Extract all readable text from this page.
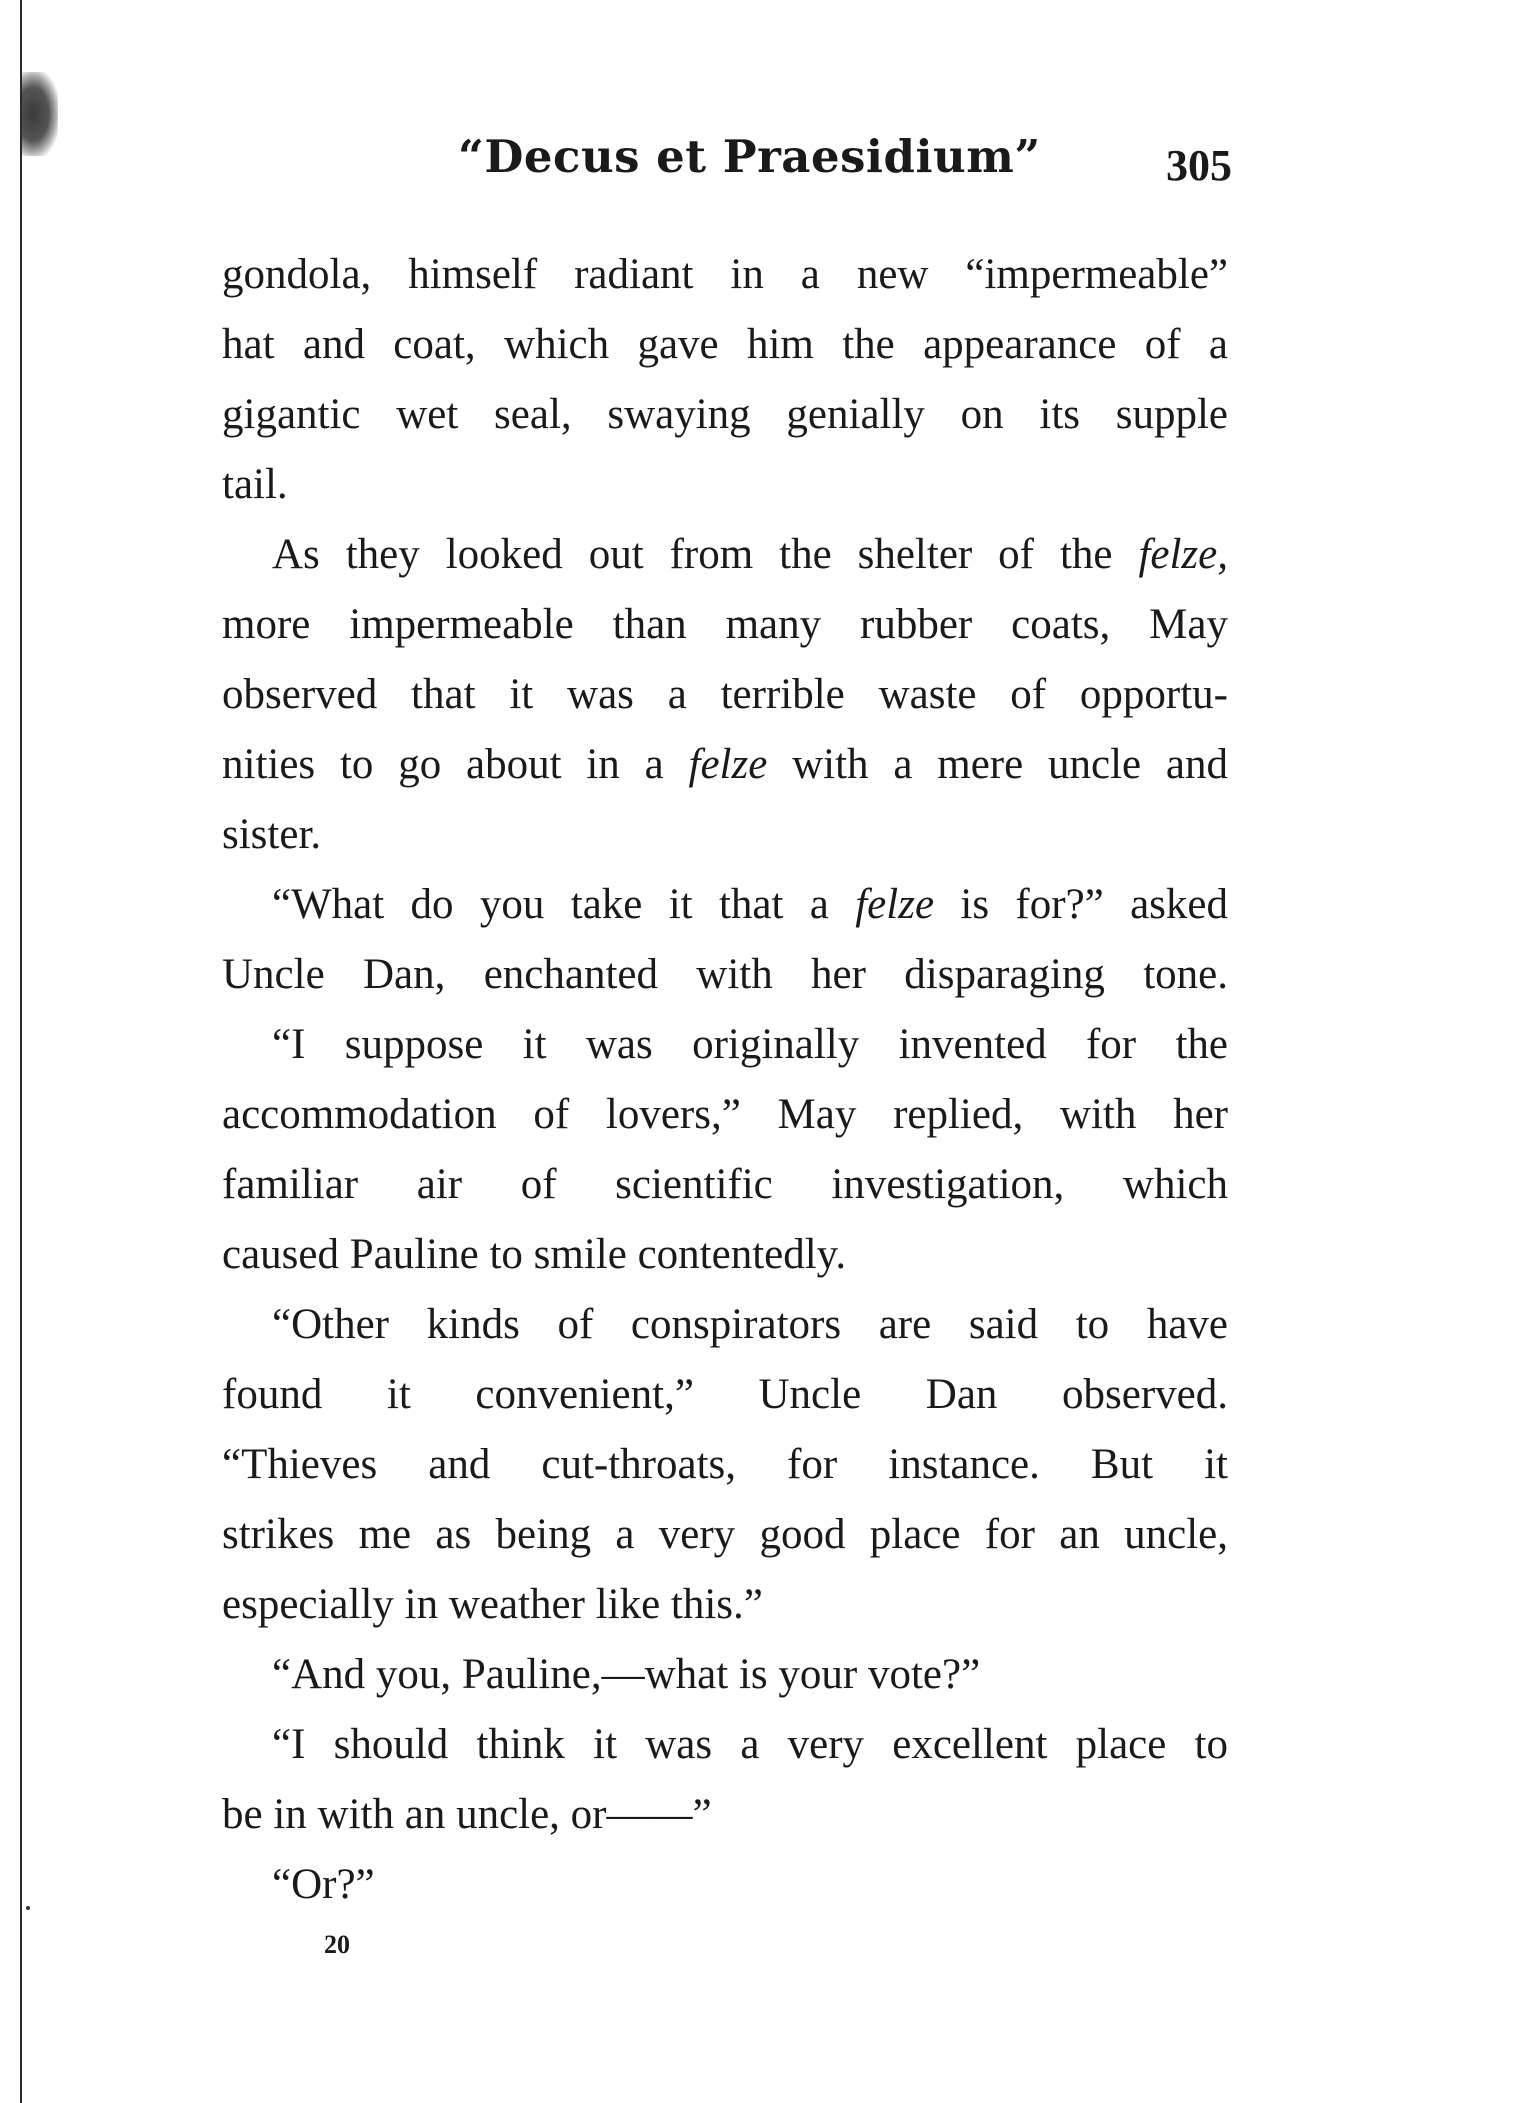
“Decus et Praesidium”	305
gondola, himself radiant in a new “impermeable”
hat and coat, which gave him the appearance of a
gigantic wet seal, swaying genially on its supple
tail.
As they looked out from the shelter of the felze,
more impermeable than many rubber coats, May
observed that it was a terrible waste of opportu-
nities to go about in a felze with a mere uncle and
sister.
“What do you take it that a felze is for?” asked
Uncle Dan, enchanted with her disparaging tone.
“I suppose it was originally invented for the
accommodation of lovers,” May replied, with her
familiar air of scientific investigation, which
caused Pauline to smile contentedly.
“Other kinds of conspirators are said to have
found it convenient,” Uncle Dan observed.
“Thieves and cut-throats, for instance. But it
strikes me as being a very good place for an uncle,
especially in weather like this.”
“And you, Pauline,—what is your vote?”
“I should think it was a very excellent place to
be in with an uncle, or——”
“Or?”
20
